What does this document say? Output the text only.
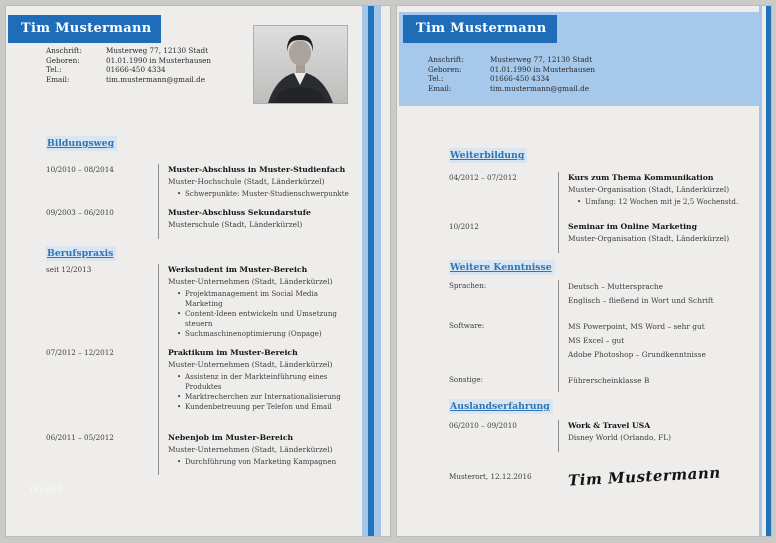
Tim Mustermann
Anschrift:	Musterweg 77, 12130 Stadt
Geboren:	01.01.1990 in Musterhausen
Tel.:	01666-450 4334
Email:	tim.mustermann@gmail.de
Bildungsweg
10/2010 – 08/2014	Muster-Abschluss in Muster-Studienfach
Muster-Hochschule (Stadt, Länderkürzel)
• Schwerpunkte: Muster-Studienschwerpunkte
09/2003 – 06/2010	Muster-Abschluss Sekundarstufe
Musterschule (Stadt, Länderkürzel)
Berufspraxis
seit 12/2013	Werkstudent im Muster-Bereich
Muster-Unternehmen (Stadt, Länderkürzel)
• Projektmanagement im Social Media Marketing
• Content-Ideen entwickeln und Umsetzung steuern
• Suchmaschinenoptimierung (Onpage)
07/2012 – 12/2012	Praktikum im Muster-Bereich
Muster-Unternehmen (Stadt, Länderkürzel)
• Assistenz in der Markteinführung eines Produktes
• Marktrecherchen zur Internationalisierung
• Kundenbetreuung per Telefon und Email
06/2011 – 05/2012	Nebenjob im Muster-Bereich
Muster-Unternehmen (Stadt, Länderkürzel)
• Durchführung von Marketing Kampagnen
layweb
Tim Mustermann
Anschrift:	Musterweg 77, 12130 Stadt
Geboren:	01.01.1990 in Musterhausen
Tel.:	01666-450 4334
Email:	tim.mustermann@gmail.de
Weiterbildung
04/2012 – 07/2012	Kurs zum Thema Kommunikation
Muster-Organisation (Stadt, Länderkürzel)
• Umfang: 12 Wochen mit je 2,5 Wochenstd.
10/2012	Seminar im Online Marketing
Muster-Organisation (Stadt, Länderkürzel)
Weitere Kenntnisse
Sprachen:	Deutsch – Muttersprache
Englisch – fließend in Wort und Schrift
Software:	MS Powerpoint, MS Word – sehr gut
MS Excel – gut
Adobe Photoshop – Grundkenntnisse
Sonstige:	Führerscheinklasse B
Auslandserfahrung
06/2010 – 09/2010	Work & Travel USA
Disney World (Orlando, FL)
Musterort, 12.12.2016	Tim Mustermann
